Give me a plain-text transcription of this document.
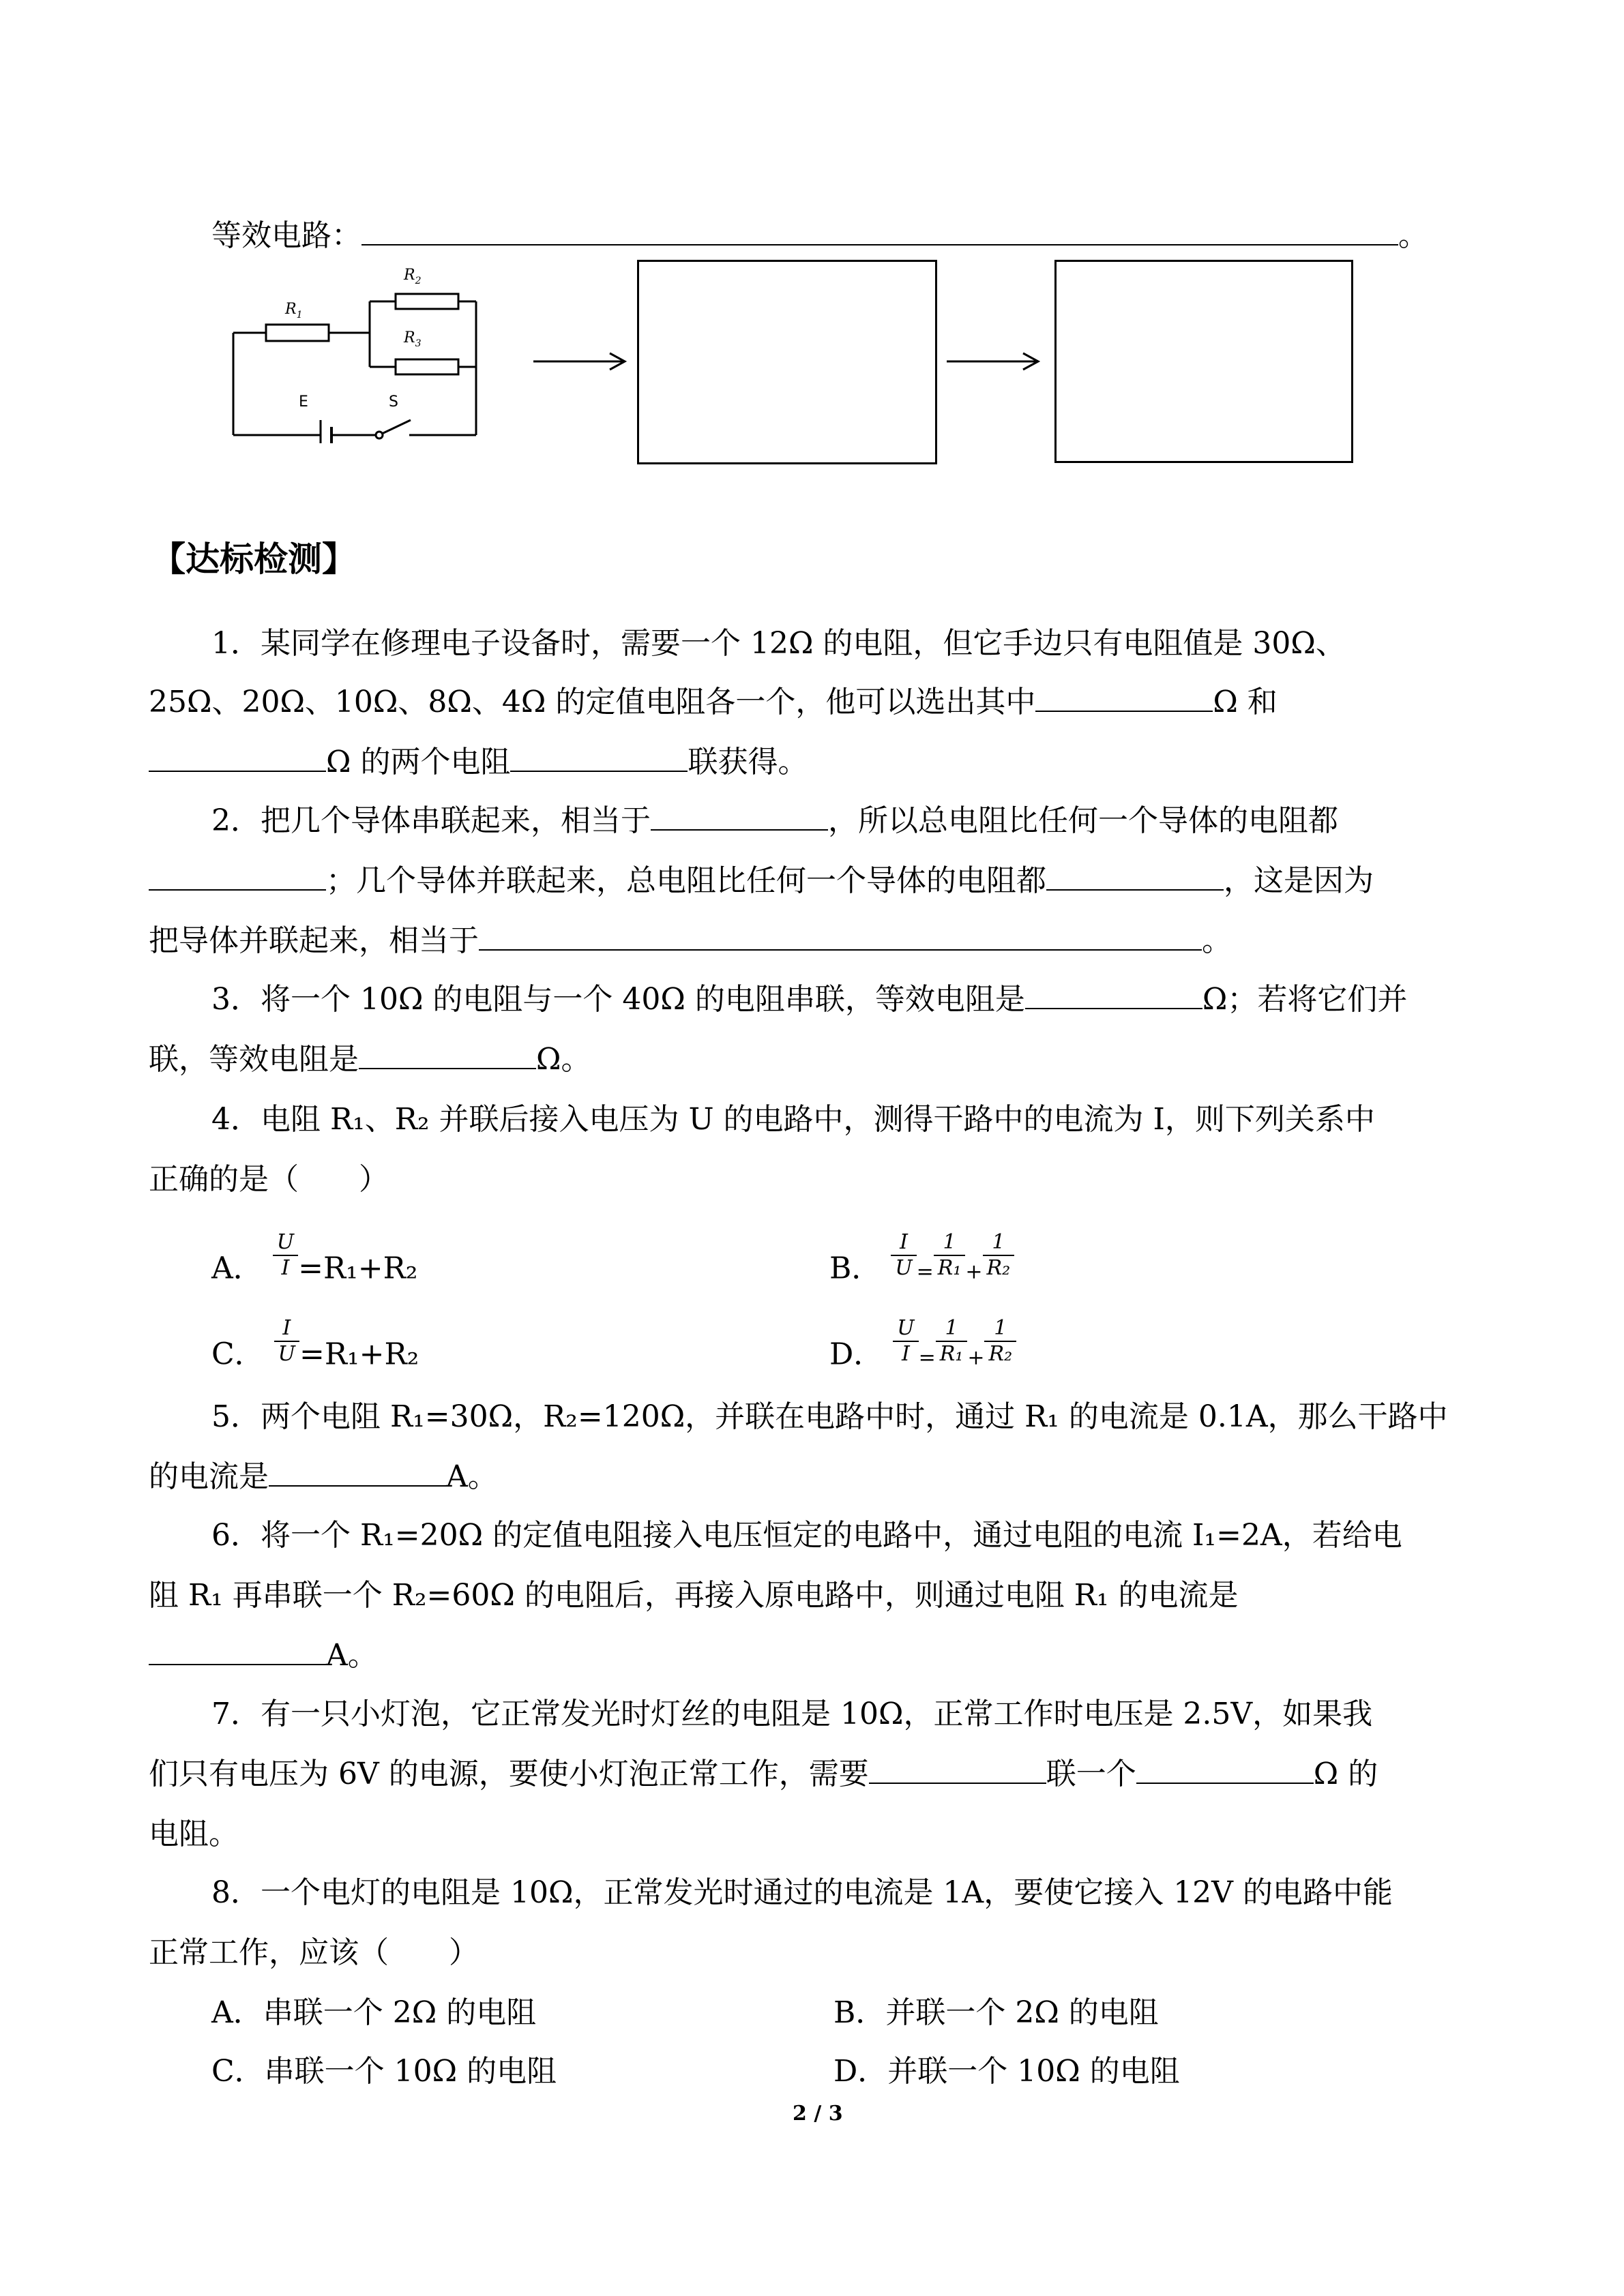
等效电路：	。
$R_1$
$R_2$
$R_3$
E	S
【达标检测】
1．某同学在修理电子设备时，需要一个 12Ω 的电阻，但它手边只有电阻值是 30Ω、
25Ω、20Ω、10Ω、8Ω、4Ω 的定值电阻各一个，他可以选出其中	Ω 和
Ω 的两个电阻	联获得。
2．把几个导体串联起来，相当于	，所以总电阻比任何一个导体的电阻都
；几个导体并联起来，总电阻比任何一个导体的电阻都	，这是因为
把导体并联起来，相当于	。
3．将一个 10Ω 的电阻与一个 40Ω 的电阻串联，等效电阻是	Ω；若将它们并
联，等效电阻是	Ω。
4．电阻 R₁、R₂ 并联后接入电压为 U 的电路中，测得干路中的电流为 I，则下列关系中
正确的是（　　）
A． $\frac{U}{I} =R_1+R_2$	B． $\frac{I}{U} = \frac{1}{\text{R₁}} + \frac{1}{\text{R₂}}$
C． $\frac{I}{U} =R_1+R_2$	D． $\frac{U}{I} = \frac{1}{\text{R₁}} + \frac{1}{\text{R₂}}$
5．两个电阻 R₁=30Ω，R₂=120Ω，并联在电路中时，通过 R₁ 的电流是 0.1A，那么干路中
的电流是	A。
6．将一个 R₁=20Ω 的定值电阻接入电压恒定的电路中，通过电阻的电流 I₁=2A，若给电
阻 R₁ 再串联一个 R₂=60Ω 的电阻后，再接入原电路中，则通过电阻 R₁ 的电流是
A。
7．有一只小灯泡，它正常发光时灯丝的电阻是 10Ω，正常工作时电压是 2.5V，如果我
们只有电压为 6V 的电源，要使小灯泡正常工作，需要	联一个	Ω 的
电阻。
8．一个电灯的电阻是 10Ω，正常发光时通过的电流是 1A，要使它接入 12V 的电路中能
正常工作，应该（　　）
A．串联一个 2Ω 的电阻	B．并联一个 2Ω 的电阻
C．串联一个 10Ω 的电阻	D．并联一个 10Ω 的电阻
2 / 3
